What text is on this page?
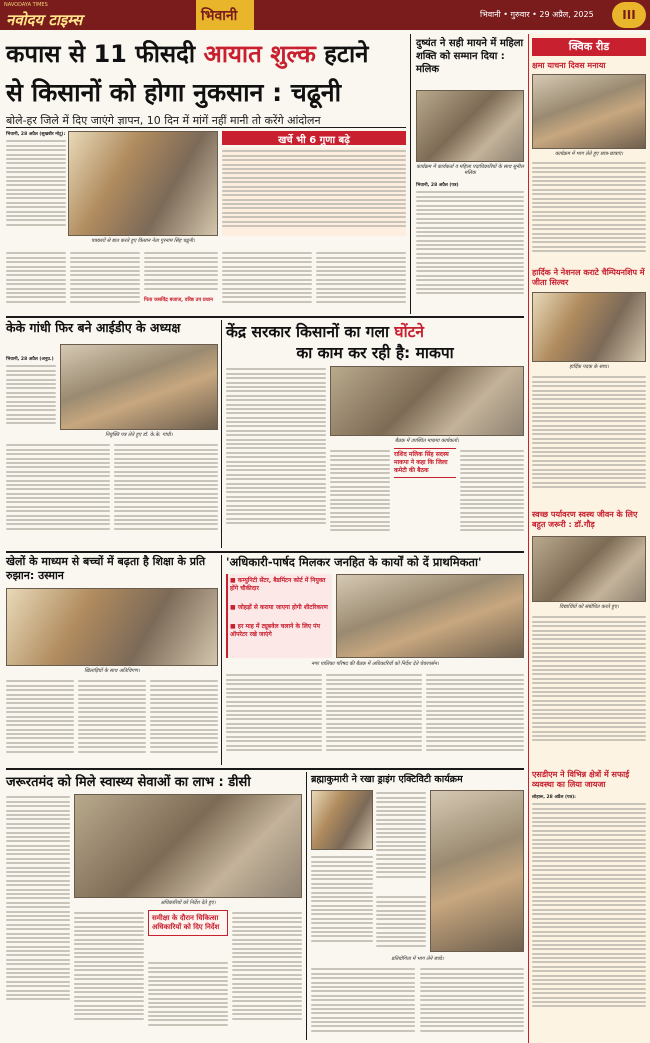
NAVODAYA TIMES
नवोदय टाइम्स	भिवानी	भिवानी • गुरुवार • 29 अप्रैल, 2025	III
कपास से 11 फीसदी आयात शुल्क हटाने
से किसानों को होगा नुकसान : चढूनी
बोले-हर जिले में दिए जाएंगे ज्ञापन, 10 दिन में मांगें नहीं मानी तो करेंगे आंदोलन
भिवानी, 28 अप्रैल (सुखबीर मोटू):
पत्रकारों से बात करते हुए किसान नेता गुरनाम सिंह चढूनी।
खर्चे भी 6 गुणा बढ़े
पिता जसविंद्र बजाज, वरिष्ठ उप प्रधान
दुष्यंत ने सही मायने में महिला शक्ति को सम्मान दिया : मलिक
कार्यक्रम में कार्यकर्ता व महिला पदाधिकारियों के साथ सुनील मलिक
भिवानी, 28 अप्रैल (पत्र)
क्विक रीड
क्षमा याचना दिवस मनाया
कार्यक्रम में भाग लेते हुए छात्र-छात्राएं।
हार्दिक ने नेशनल कराटे चैम्पियनशिप में जीता सिल्वर
हार्दिक पदक के साथ।
स्वच्छ पर्यावरण स्वस्थ जीवन के लिए बहुत जरूरी : डॉ.गौड़
विद्यार्थियों को संबोधित करते हुए।
एसडीएम ने विभिन्न क्षेत्रों में सफाई व्यवस्था का लिया जायजा
लोहारू, 28 अप्रैल (पत्र):
केके गांधी फिर बने आईडीए के अध्यक्ष
भिवानी, 28 अप्रैल (अनुप्र.)
नियुक्ति पत्र लेते हुए डॉ. के.के. गांधी।
केंद्र सरकार किसानों का गला घोंटने
का काम कर रही है: माकपा
बैठक में उपस्थित माकपा कार्यकर्ता।
राशिद मलिक सिंह सदस्य माकपा ने कहा कि जिला कमेटी की बैठक
खेलों के माध्यम से बच्चों में बढ़ता है शिक्षा के प्रति रुझान: उस्मान
खिलाड़ियों के साथ अतिथिगण।
'अधिकारी-पार्षद मिलकर जनहित के कार्यों को दें प्राथमिकता'
■ कम्युनिटी सेंटर, बैडमिंटन कोर्ट में नियुक्त होंगे चौकीदार
■ जोहड़ों से कराया जाएगा होगी शीटरिकरण
■ हर माह में ट्यूबवेल चलाने के लिए पंप ऑपरेटर रखे जाएंगे
नगर पालिका परिषद की बैठक में अधिकारियों को निर्देश देते चेयरपर्सन।
जरूरतमंद को मिले स्वास्थ्य सेवाओं का लाभ : डीसी
अधिकारियों को निर्देश देते हुए।
समीक्षा के दौरान चिकित्सा अधिकारियों को दिए निर्देश
ब्रह्माकुमारी ने रखा ड्राइंग एक्टिविटी कार्यक्रम
प्रतियोगिता में भाग लेने बच्चे।
